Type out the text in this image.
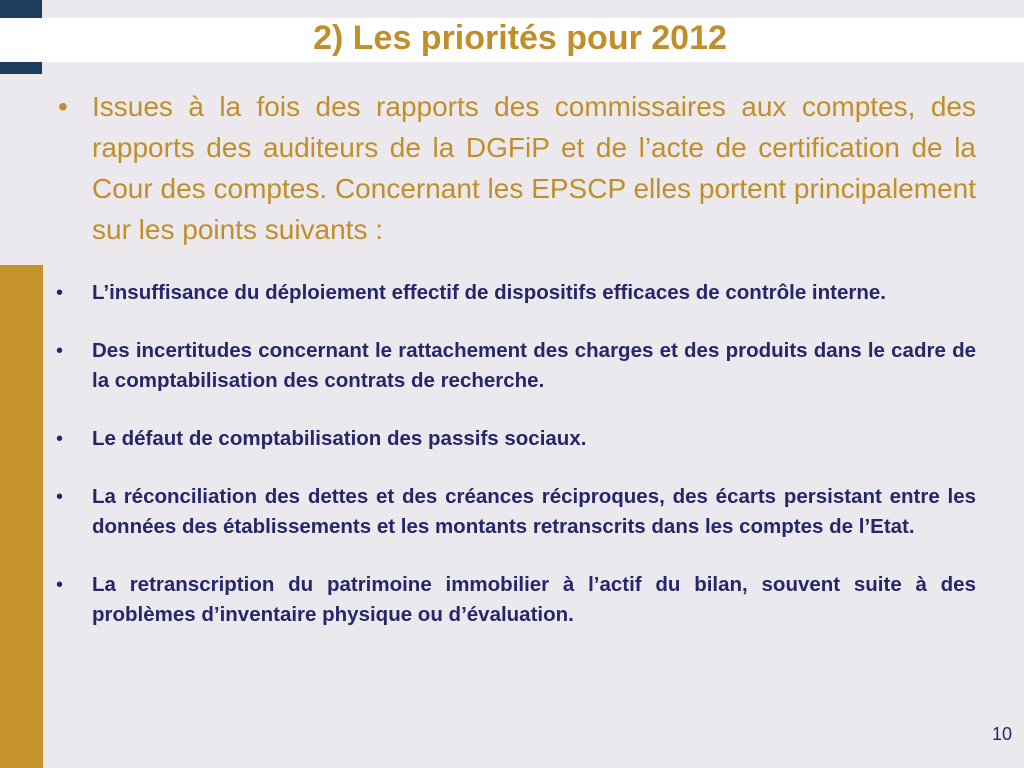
2) Les priorités pour 2012

• Issues à la fois des rapports des commissaires aux comptes, des rapports des auditeurs de la DGFiP et de l’acte de certification de la Cour des comptes. Concernant les EPSCP elles portent principalement sur les points suivants :

• L’insuffisance du déploiement effectif de dispositifs efficaces de contrôle interne.
• Des incertitudes concernant le rattachement des charges et des produits dans le cadre de la comptabilisation des contrats de recherche.
• Le défaut de comptabilisation des passifs sociaux.
• La réconciliation des dettes et des créances réciproques, des écarts persistant entre les données des établissements et les montants retranscrits dans les comptes de l’Etat.
• La retranscription du patrimoine immobilier à l’actif du bilan, souvent suite à des problèmes d’inventaire physique ou d’évaluation.
10
